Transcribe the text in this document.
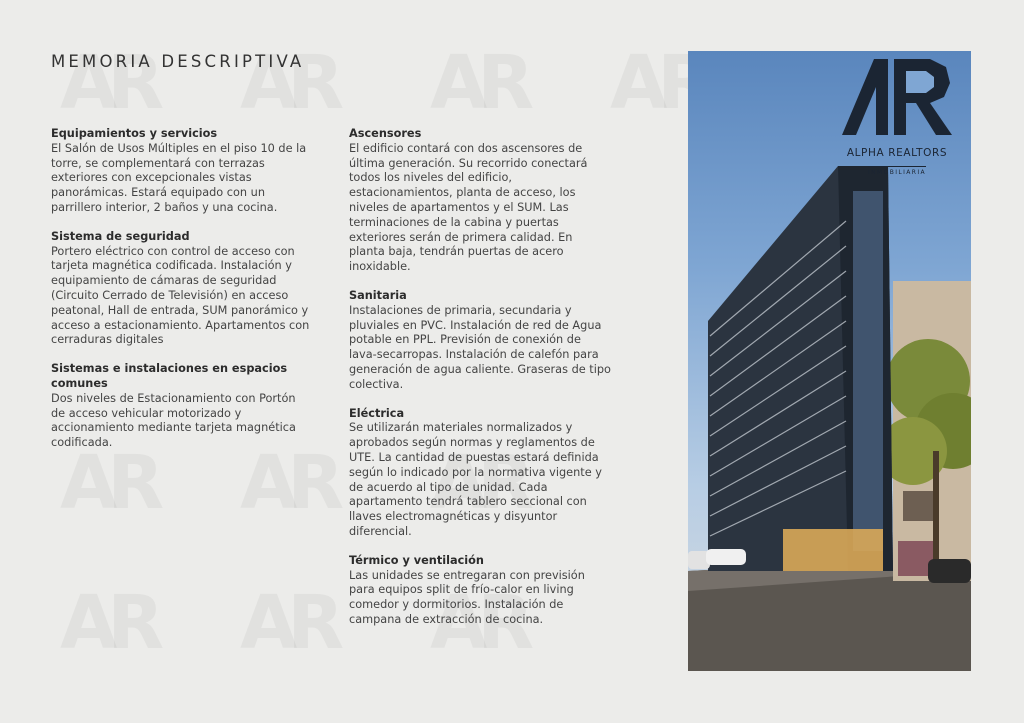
MEMORIA DESCRIPTIVA
Equipamientos y servicios

El Salón de Usos Múltiples en el piso 10 de la torre, se complementará con terrazas exteriores con excepcionales vistas panorámicas. Estará equipado con un parrillero interior, 2 baños y una cocina.

Sistema de seguridad

Portero eléctrico con control de acceso con tarjeta magnética codificada. Instalación y equipamiento de cámaras de seguridad (Circuito Cerrado de Televisión) en acceso peatonal, Hall de entrada, SUM panorámico y acceso a estacionamiento. Apartamentos con cerraduras digitales

Sistemas e instalaciones en espacios comunes

Dos niveles de Estacionamiento con Portón de acceso vehicular motorizado y accionamiento mediante tarjeta magnética codificada.

Ascensores

El edificio contará con dos ascensores de última generación. Su recorrido conectará todos los niveles del edificio, estacionamientos, planta de acceso, los niveles de apartamentos y el SUM. Las terminaciones de la cabina y puertas exteriores serán de primera calidad. En planta baja, tendrán puertas de acero inoxidable.

Sanitaria

Instalaciones de primaria, secundaria y pluviales en PVC. Instalación de red de Agua potable en PPL. Previsión de conexión de lava-secarropas. Instalación de calefón para generación de agua caliente. Graseras de tipo colectiva.

Eléctrica

Se utilizarán materiales normalizados y aprobados según normas y reglamentos de UTE. La cantidad de puestas estará definida según lo indicado por la normativa vigente y de acuerdo al tipo de unidad. Cada apartamento tendrá tablero seccional con llaves electromagnéticas y disyuntor diferencial.

Térmico y ventilación

Las unidades se entregaran con previsión para equipos split de frío-calor en living comedor y dormitorios. Instalación de campana de extracción de cocina.

ALPHA REALTORS
INMOBILIARIA
